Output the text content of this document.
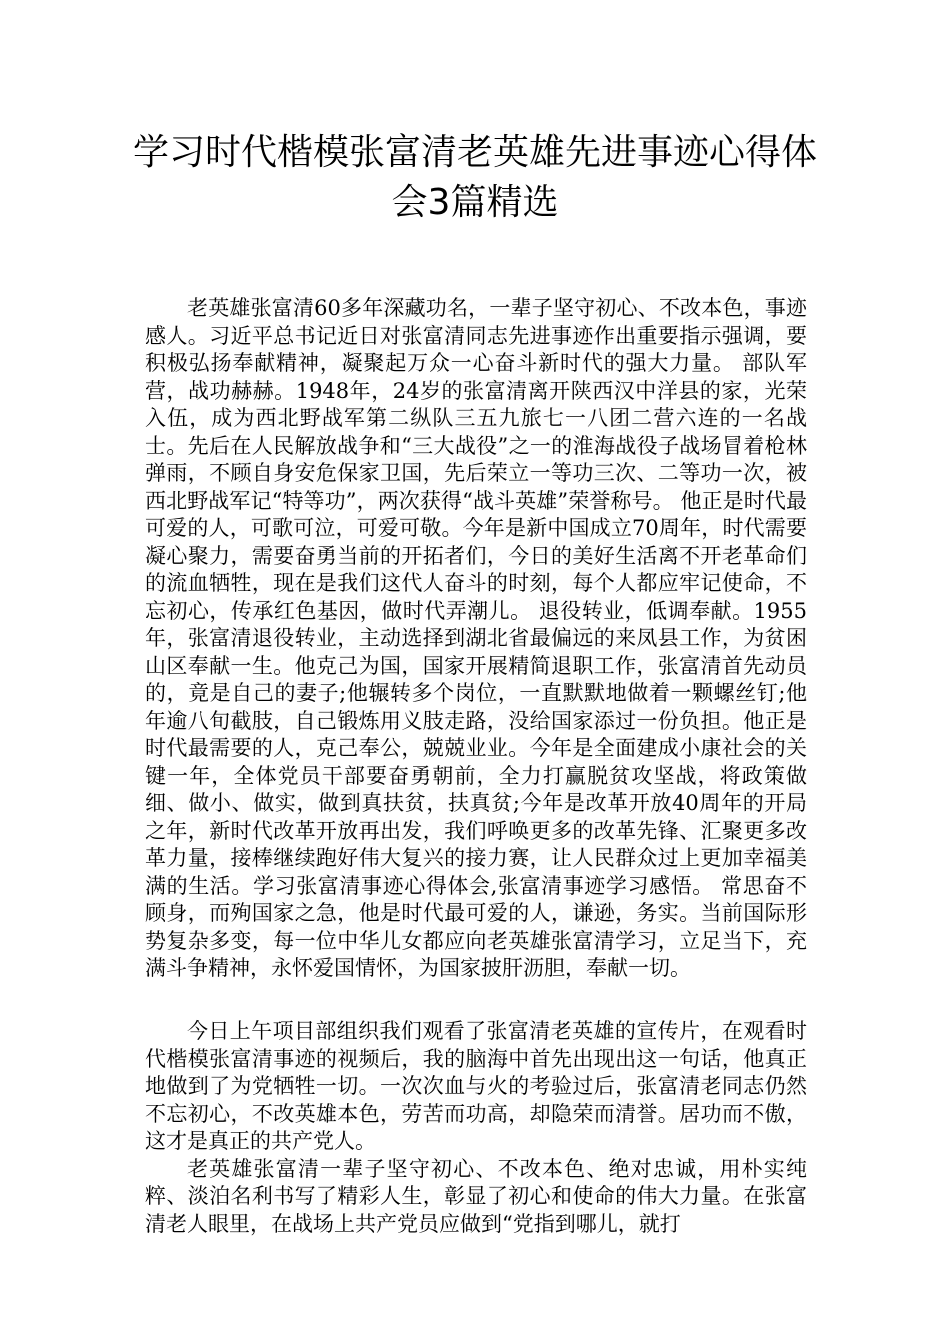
学习时代楷模张富清老英雄先进事迹心得体会3篇精选

老英雄张富清60多年深藏功名，一辈子坚守初心、不改本色，事迹感人。习近平总书记近日对张富清同志先进事迹作出重要指示强调，要积极弘扬奉献精神，凝聚起万众一心奋斗新时代的强大力量。 部队军营，战功赫赫。1948年，24岁的张富清离开陕西汉中洋县的家，光荣入伍，成为西北野战军第二纵队三五九旅七一八团二营六连的一名战士。先后在人民解放战争和“三大战役”之一的淮海战役子战场冒着枪林弹雨，不顾自身安危保家卫国，先后荣立一等功三次、二等功一次，被西北野战军记“特等功”，两次获得“战斗英雄”荣誉称号。 他正是时代最可爱的人，可歌可泣，可爱可敬。今年是新中国成立70周年，时代需要凝心聚力，需要奋勇当前的开拓者们，今日的美好生活离不开老革命们的流血牺牲，现在是我们这代人奋斗的时刻，每个人都应牢记使命，不忘初心，传承红色基因，做时代弄潮儿。 退役转业，低调奉献。1955年，张富清退役转业，主动选择到湖北省最偏远的来凤县工作，为贫困山区奉献一生。他克己为国，国家开展精简退职工作，张富清首先动员的，竟是自己的妻子;他辗转多个岗位，一直默默地做着一颗螺丝钉;他年逾八旬截肢，自己锻炼用义肢走路，没给国家添过一份负担。他正是时代最需要的人，克己奉公，兢兢业业。今年是全面建成小康社会的关键一年，全体党员干部要奋勇朝前，全力打赢脱贫攻坚战，将政策做细、做小、做实，做到真扶贫，扶真贫;今年是改革开放40周年的开局之年，新时代改革开放再出发，我们呼唤更多的改革先锋、汇聚更多改革力量，接棒继续跑好伟大复兴的接力赛，让人民群众过上更加幸福美满的生活。学习张富清事迹心得体会,张富清事迹学习感悟。 常思奋不顾身，而殉国家之急，他是时代最可爱的人，谦逊，务实。当前国际形势复杂多变，每一位中华儿女都应向老英雄张富清学习，立足当下，充满斗争精神，永怀爱国情怀，为国家披肝沥胆，奉献一切。

今日上午项目部组织我们观看了张富清老英雄的宣传片，在观看时代楷模张富清事迹的视频后，我的脑海中首先出现出这一句话，他真正地做到了为党牺牲一切。一次次血与火的考验过后，张富清老同志仍然不忘初心，不改英雄本色，劳苦而功高，却隐荣而清誉。居功而不傲，这才是真正的共产党人。

老英雄张富清一辈子坚守初心、不改本色、绝对忠诚，用朴实纯粹、淡泊名利书写了精彩人生，彰显了初心和使命的伟大力量。在张富清老人眼里，在战场上共产党员应做到“党指到哪儿，就打
